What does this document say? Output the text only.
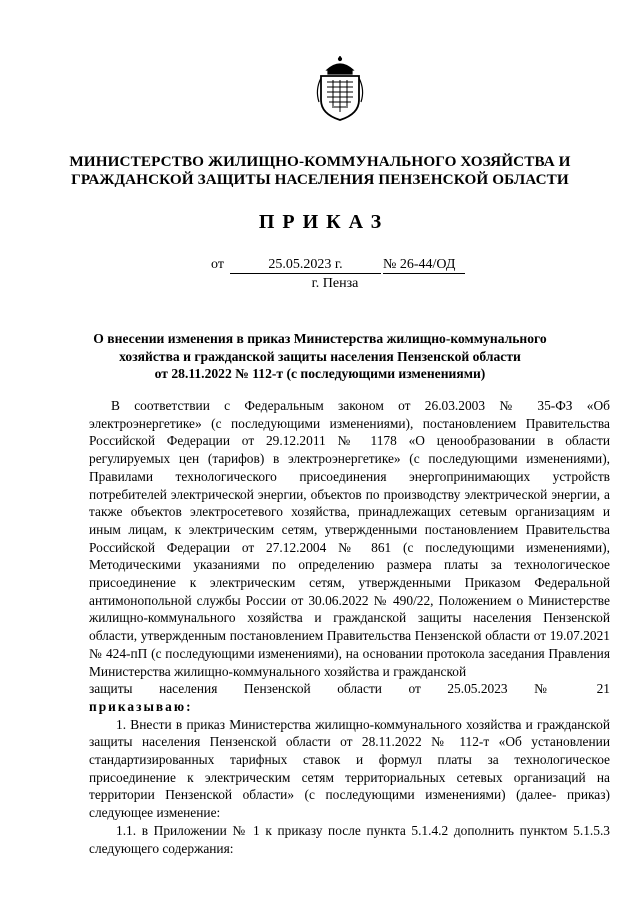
МИНИСТЕРСТВО ЖИЛИЩНО-КОММУНАЛЬНОГО ХОЗЯЙСТВА И
ГРАЖДАНСКОЙ ЗАЩИТЫ НАСЕЛЕНИЯ ПЕНЗЕНСКОЙ ОБЛАСТИ
ПРИКАЗ
от	25.05.2023 г.	№ 26-44/ОД
г. Пенза
О внесении изменения в приказ Министерства жилищно-коммунального
хозяйства и гражданской защиты населения Пензенской области
от 28.11.2022 № 112-т (с последующими изменениями)

В соответствии с Федеральным законом от 26.03.2003 № 35-ФЗ «Об электроэнергетике» (с последующими изменениями), постановлением Правительства Российской Федерации от 29.12.2011 № 1178 «О ценообразовании в области регулируемых цен (тарифов) в электроэнергетике» (с последующими изменениями), Правилами технологического присоединения энергопринимающих устройств потребителей электрической энергии, объектов по производству электрической энергии, а также объектов электросетевого хозяйства, принадлежащих сетевым организациям и иным лицам, к электрическим сетям, утвержденными постановлением Правительства Российской Федерации от 27.12.2004 № 861 (с последующими изменениями), Методическими указаниями по определению размера платы за технологическое присоединение к электрическим сетям, утвержденными Приказом Федеральной антимонопольной службы России от 30.06.2022 № 490/22, Положением о Министерстве жилищно-коммунального хозяйства и гражданской защиты населения Пензенской области, утвержденным постановлением Правительства Пензенской области от 19.07.2021 № 424-пП (с последующими изменениями), на основании протокола заседания Правления Министерства жилищно-коммунального хозяйства и гражданской

защиты населения Пензенской области от 25.05.2023 № 21

приказываю:

1. Внести в приказ Министерства жилищно-коммунального хозяйства и гражданской защиты населения Пензенской области от 28.11.2022 № 112-т «Об установлении стандартизированных тарифных ставок и формул платы за технологическое присоединение к электрическим сетям территориальных сетевых организаций на территории Пензенской области» (с последующими изменениями) (далее- приказ) следующее изменение:

1.1. в Приложении № 1 к приказу после пункта 5.1.4.2 дополнить пунктом 5.1.5.3 следующего содержания:
